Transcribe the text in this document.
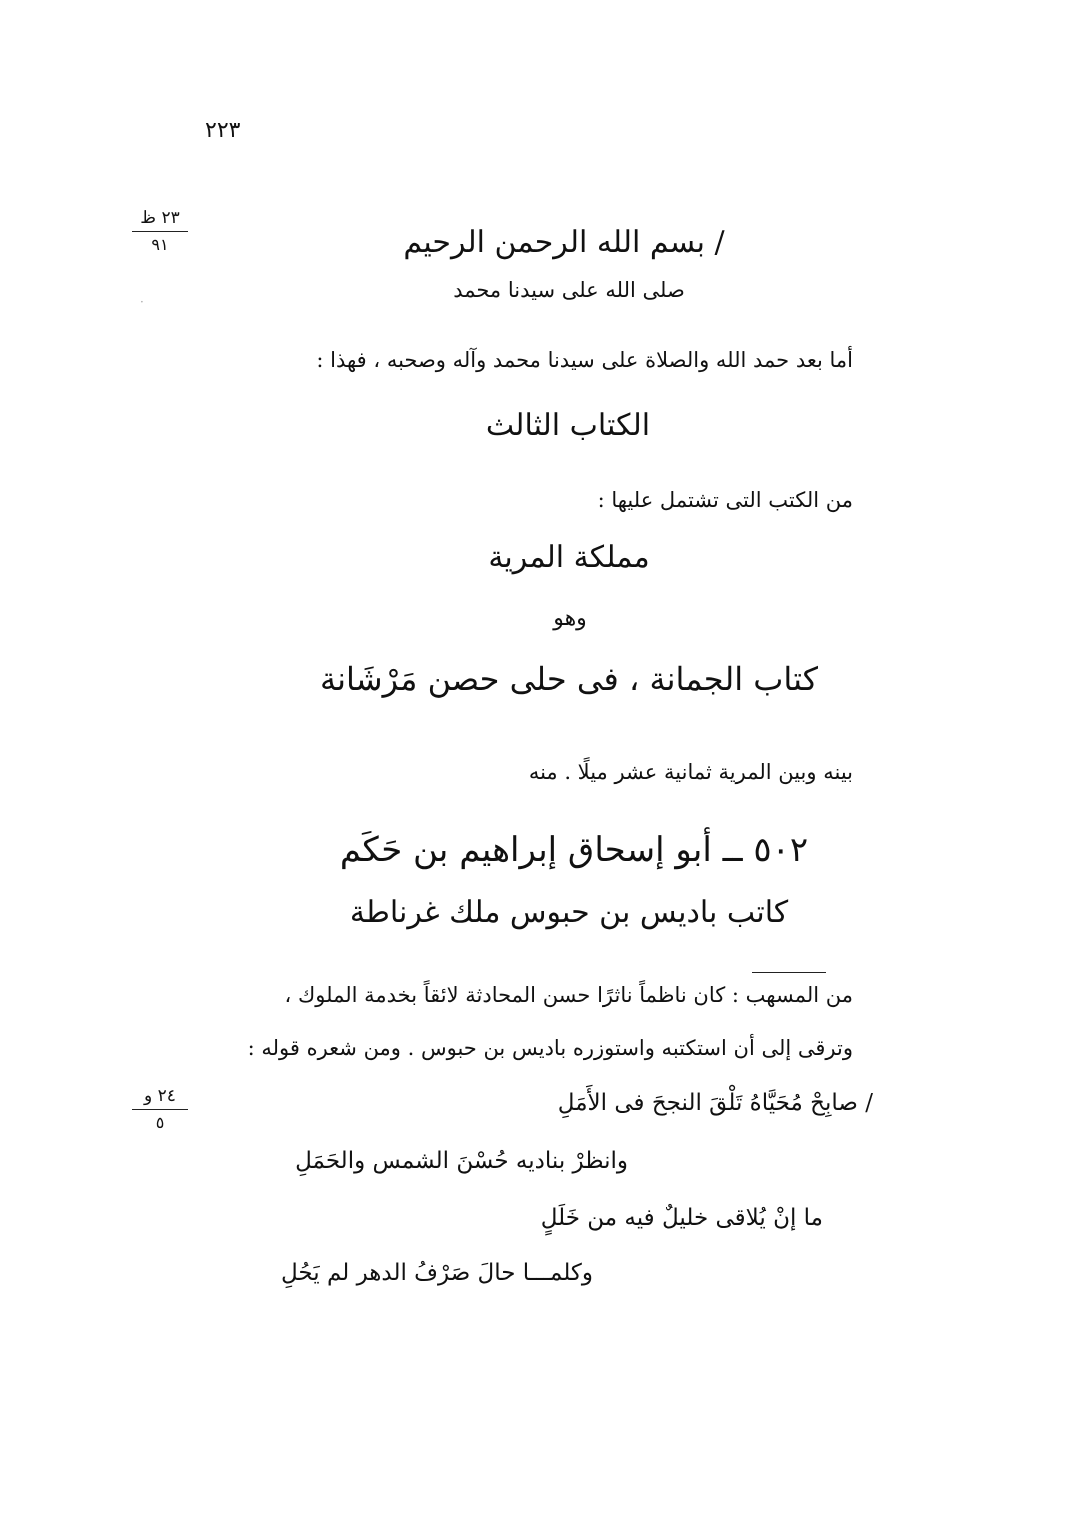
٢٢٣
٢٣ ظ
٩١
·
/ بسم الله الرحمن الرحيم
صلى الله على سيدنا محمد
أما بعد حمد الله والصلاة على سيدنا محمد وآله وصحبه ، فهذا :
الكتاب الثالث
من الكتب التى تشتمل عليها :
مملكة المرية
وهو
كتاب الجمانة ، فى حلى حصن مَرْشَانة
بينه وبين المرية ثمانية عشر ميلًا . منه
٥٠٢ ــ أبو إسحاق إبراهيم بن حَكَم
كاتب باديس بن حبوس ملك غرناطة
من المسهب : كان ناظماً ناثرًا حسن المحادثة لائقاً بخدمة الملوك ،
وترقى إلى أن استكتبه واستوزره باديس بن حبوس . ومن شعره قوله :
٢٤ و
٥
/ صابِحْ مُحَيَّاهُ تَلْقَ النجحَ فى الأَمَلِ
وانظرْ بناديه حُسْنَ الشمس والحَمَلِ
ما إنْ يُلاقى خليلٌ فيه من خَلَلٍ
وكلمـــا حالَ صَرْفُ الدهر لم يَحُلِ
